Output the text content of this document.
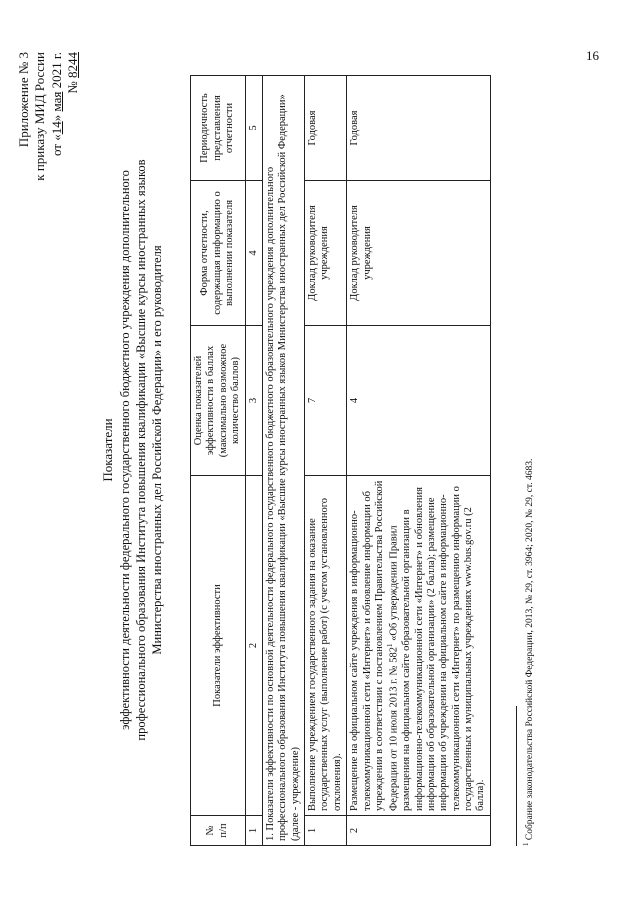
16
Приложение № 3 к приказу МИД России от «14» мая 2021 г. № 8244
Показатели эффективности деятельности федерального государственного бюджетного учреждения дополнительного профессионального образования Института повышения квалификации «Высшие курсы иностранных языков Министерства иностранных дел Российской Федерации» и его руководителя
№ п/п	Показатели эффективности	Оценка показателей эффективности в баллах (максимально возможное количество баллов)	Форма отчетности, содержащая информацию о выполнении показателя	Периодичность представления отчетности
1	2	3	4	5
1. Показатели эффективности по основной деятельности федерального государственного бюджетного образовательного учреждения дополнительного профессионального образования Института повышения квалификации «Высшие курсы иностранных языков Министерства иностранных дел Российской Федерации» (далее - учреждение)				
1	Выполнение учреждением государственного задания на оказание государственных услуг (выполнение работ) (с учетом установленного отклонения).	7	Доклад руководителя учреждения	Годовая
2	Размещение на официальном сайте учреждения в информационно-телекоммуникационной сети «Интернет» и обновление информации об учреждении в соответствии с постановлением Правительства Российской Федерации от 10 июля 2013 г. № $582^1$ «Об утверждении Правил размещения на официальном сайте образовательной организации в информационно-телекоммуникационной сети «Интернет» и обновления информации об образовательной организации» (2 балла); размещение информации об учреждении на официальном сайте в информационно-телекоммуникационной сети «Интернет» по размещению информации о государственных и муниципальных учреждениях www.bus.gov.ru (2 балла).	4	Доклад руководителя учреждения	Годовая
$^1$ Собрание законодательства Российской Федерации, 2013, № 29, ст. 3964; 2020, № 29, ст. 4683.
